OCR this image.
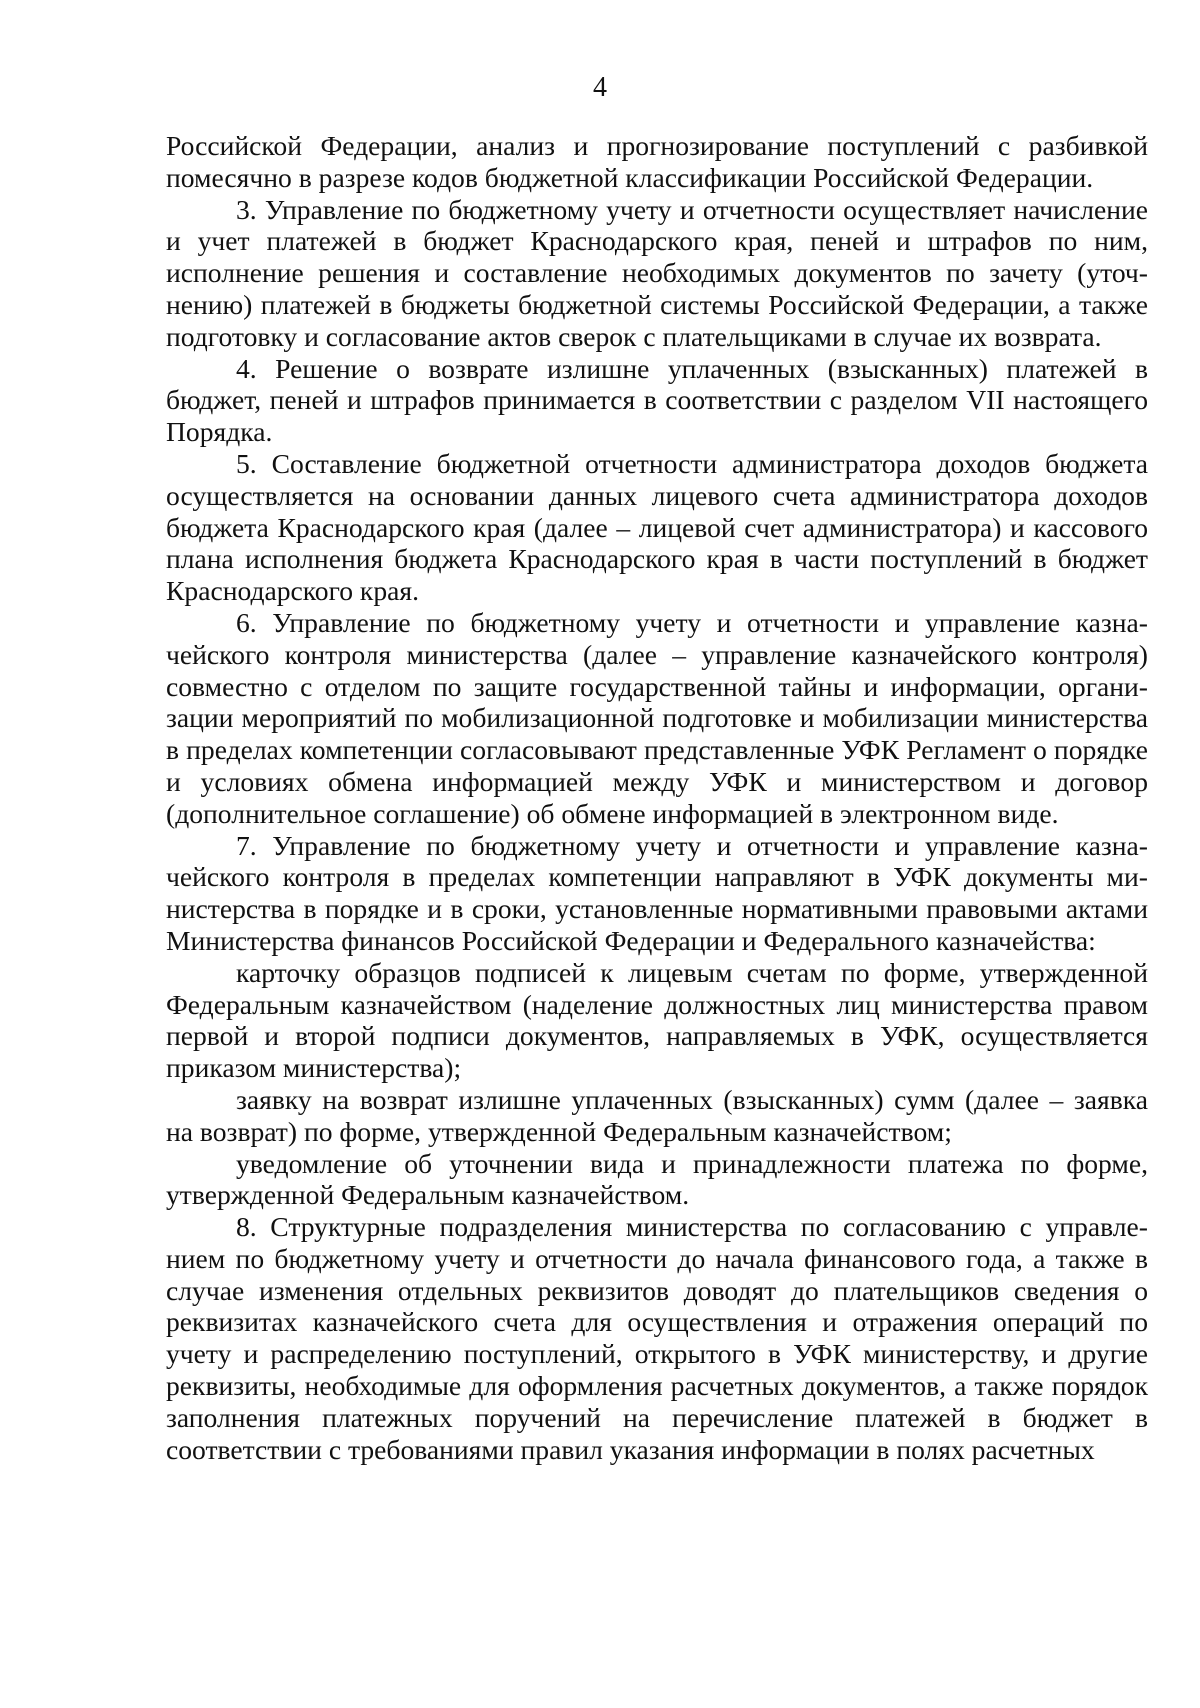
4

Российской Федерации, анализ и прогнозирование поступлений с разбивкой помесячно в разрезе кодов бюджетной классификации Российской Федерации.

3. Управление по бюджетному учету и отчетности осуществляет начисление и учет платежей в бюджет Краснодарского края, пеней и штрафов по ним, исполнение решения и составление необходимых документов по зачету (уточнению) платежей в бюджеты бюджетной системы Российской Федерации, а также подготовку и согласование актов сверок с плательщиками в случае их возврата.

4. Решение о возврате излишне уплаченных (взысканных) платежей в бюджет, пеней и штрафов принимается в соответствии с разделом VII настоящего Порядка.

5. Составление бюджетной отчетности администратора доходов бюджета осуществляется на основании данных лицевого счета администратора доходов бюджета Краснодарского края (далее – лицевой счет администратора) и кассового плана исполнения бюджета Краснодарского края в части поступлений в бюджет Краснодарского края.

6. Управление по бюджетному учету и отчетности и управление казначейского контроля министерства (далее – управление казначейского контроля) совместно с отделом по защите государственной тайны и информации, организации мероприятий по мобилизационной подготовке и мобилизации министерства в пределах компетенции согласовывают представленные УФК Регламент о порядке и условиях обмена информацией между УФК и министерством и договор (дополнительное соглашение) об обмене информацией в электронном виде.

7. Управление по бюджетному учету и отчетности и управление казначейского контроля в пределах компетенции направляют в УФК документы министерства в порядке и в сроки, установленные нормативными правовыми актами Министерства финансов Российской Федерации и Федерального казначейства:

карточку образцов подписей к лицевым счетам по форме, утвержденной Федеральным казначейством (наделение должностных лиц министерства правом первой и второй подписи документов, направляемых в УФК, осуществляется приказом министерства);

заявку на возврат излишне уплаченных (взысканных) сумм (далее – заявка на возврат) по форме, утвержденной Федеральным казначейством;

уведомление об уточнении вида и принадлежности платежа по форме, утвержденной Федеральным казначейством.

8. Структурные подразделения министерства по согласованию с управлением по бюджетному учету и отчетности до начала финансового года, а также в случае изменения отдельных реквизитов доводят до плательщиков сведения о реквизитах казначейского счета для осуществления и отражения операций по учету и распределению поступлений, открытого в УФК министерству, и другие реквизиты, необходимые для оформления расчетных документов, а также порядок заполнения платежных поручений на перечисление платежей в бюджет в соответствии с требованиями правил указания информации в полях расчетных
